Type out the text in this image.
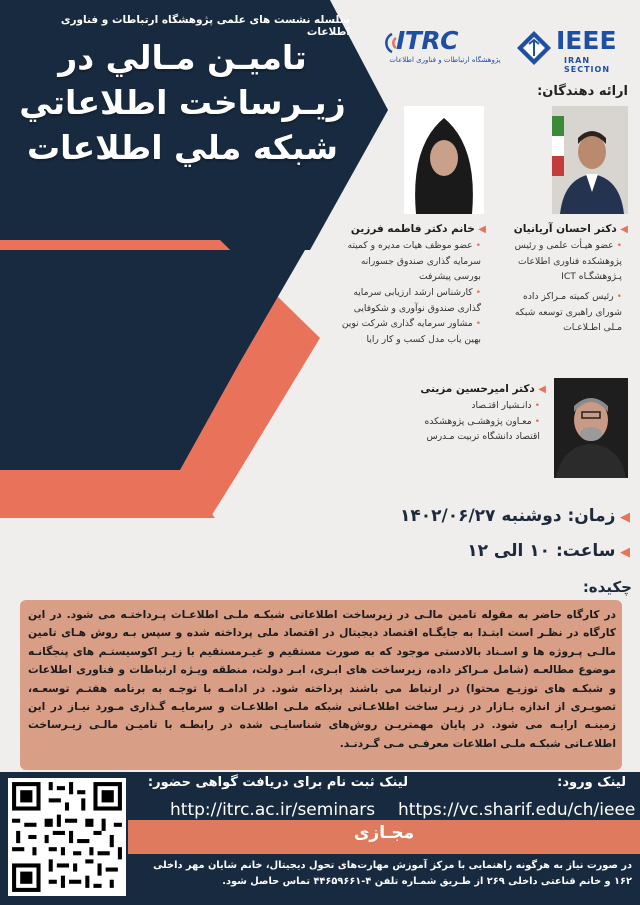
سلسله نشست های علمی پژوهشگاه ارتباطات و فناوری اطلاعات
تامیـن مـالي در
زيـرساخت اطلاعاتي
شبكه ملي اطلاعات
ITRC
پژوهشگاه ارتباطات و فناوری اطلاعات
IEEE
IRAN SECTION
ارائه دهندگان:
◀ دکتر احسان آریانیان
• عضو هیـأت علمی و رئیس پژوهشکده فناوری اطلاعات پـژوهشگـاه ICT
• رئیس کمیته مـراکز داده شورای راهبری توسعه شبکه مـلی اطـلاعـات
◀ خانم دکتر فاطمه فرزین
• عضو موظف هیات مدیره و کمیته سرمایه گذاری صندوق جسورانه بورسی پیشرفت
• کارشناس ارشد ارزیابی سرمایه گذاری صندوق نوآوری و شکوفایی
• مشاور سرمایه گذاری شرکت نوین بهین یاب مدل کسب و کار رایا
◀ دکتر امیرحسین مزینی
• دانـشیار اقتـصاد
• معـاون پژوهشـی پژوهشکده اقتصاد دانشگاه تربیت مـدرس
◀ زمان: دوشنبه ۱۴۰۲/۰۶/۲۷
◀ ساعت: ۱۰ الی ۱۲
چکیده:
در کارگاه حاضر به مقوله تامین مالـی در زیرساخت اطلاعاتی شبکـه ملـی اطلاعـات پـرداختـه می شود. در این کارگاه در نظـر است ابتـدا به جایگـاه اقتصاد دیجیتال در اقتصاد ملی پرداخته شده و سپس بـه روش هـای تامین مالـی پـروژه ها و اسـناد بالادستی موجود که به صورت مستقیم و غیـرمستقیم با زیـر اکوسیستـم های پنجگانـه موضوع مطالعـه (شامل مـراکز داده، زیرساخت های ابـری، ابـر دولت، منطقه ویـژه ارتباطات و فناوری اطلاعات و شبکـه های توزیـع محتوا) در ارتباط می باشند پرداخته شود. در ادامـه با توجـه به برنامه هفتـم توسعـه، تصویـری از اندازه بـازار در زیـر ساخت اطلاعـاتی شبکه ملـی اطلاعـات و سرمایـه گـذاری مـورد نیـاز در این زمینـه ارایـه می شود. در پایان مهمتریـن روش‌های شناسایـی شده در رابطـه با تامیـن مالـی زیـرساخت اطلاعـاتی شبکـه ملـی اطلاعات معرفـی مـی گـردنـد.
لینک ثبت نام برای دریافت گواهی حضور:
http://itrc.ac.ir/seminars
لینک ورود:
https://vc.sharif.edu/ch/ieee
مجـازی
در صورت نیاز به هرگونه راهنمایی با مرکز آموزش مهارت‌های تحول دیجیتال، خانم شایان مهر داخلی ۱۶۲ و خانم قناعتی داخلی ۲۶۹ از طـریق شمـاره تلفن ۴-۴۴۶۵۹۶۶۱ تماس حاصل شود.
